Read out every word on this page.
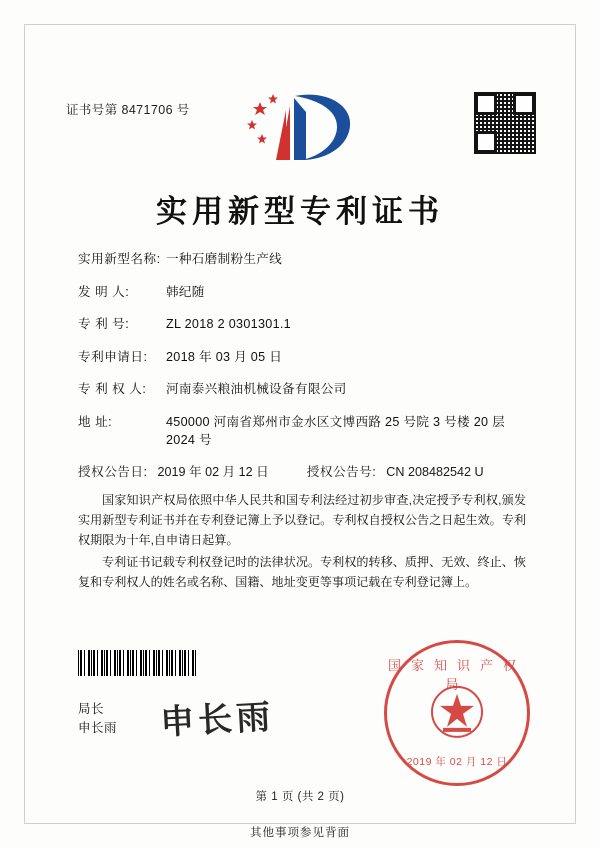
证书号第 8471706 号
实用新型专利证书
实用新型名称: 一种石磨制粉生产线
发 明 人:	韩纪随
专 利 号:	ZL 2018 2 0301301.1
专利申请日:	2018 年 03 月 05 日
专 利 权 人:	河南泰兴粮油机械设备有限公司
地 址:	450000 河南省郑州市金水区文博西路 25 号院 3 号楼 20 层 2024 号
授权公告日: 2019 年 02 月 12 日	授权公告号: CN 208482542 U

国家知识产权局依照中华人民共和国专利法经过初步审查,决定授予专利权,颁发实用新型专利证书并在专利登记簿上予以登记。专利权自授权公告之日起生效。专利权期限为十年,自申请日起算。

专利证书记载专利权登记时的法律状况。专利权的转移、质押、无效、终止、恢复和专利权人的姓名或名称、国籍、地址变更等事项记载在专利登记簿上。

局长
申长雨 申长雨
国家知识产权局
2019 年 02 月 12 日
第 1 页 (共 2 页)
其他事项参见背面
